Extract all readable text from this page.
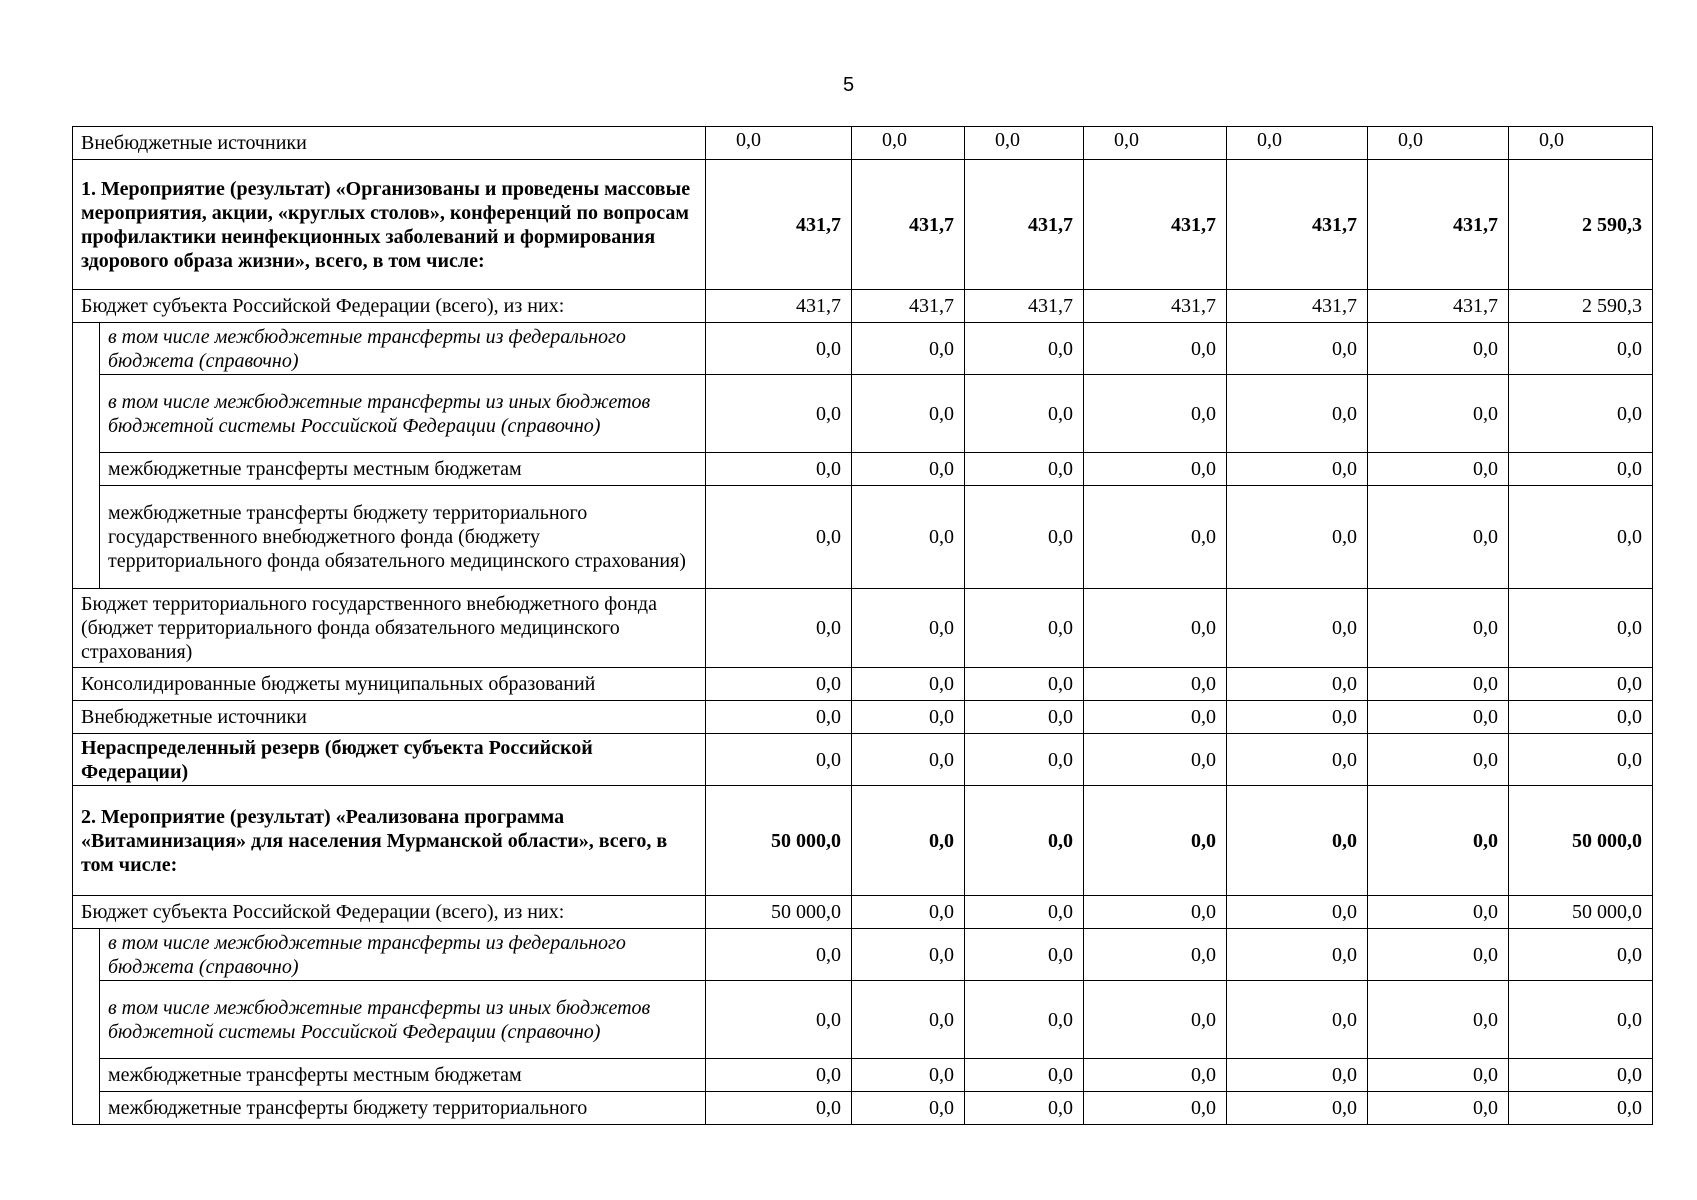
5
Внебюджетные источники		0,0	0,0	0,0	0,0	0,0	0,0	0,0
1. Мероприятие (результат) «Организованы и проведены массовые мероприятия, акции, «круглых столов», конференций по вопросам профилактики неинфекционных заболеваний и формирования здорового образа жизни», всего, в том числе:		431,7	431,7	431,7	431,7	431,7	431,7	2 590,3
Бюджет субъекта Российской Федерации (всего), из них:		431,7	431,7	431,7	431,7	431,7	431,7	2 590,3
	в том числе межбюджетные трансферты из федерального бюджета (справочно)	0,0	0,0	0,0	0,0	0,0	0,0	0,0
	в том числе межбюджетные трансферты из иных бюджетов бюджетной системы Российской Федерации (справочно)	0,0	0,0	0,0	0,0	0,0	0,0	0,0
	межбюджетные трансферты местным бюджетам	0,0	0,0	0,0	0,0	0,0	0,0	0,0
	межбюджетные трансферты бюджету территориального государственного внебюджетного фонда (бюджету территориального фонда обязательного медицинского страхования)	0,0	0,0	0,0	0,0	0,0	0,0	0,0
Бюджет территориального государственного внебюджетного фонда (бюджет территориального фонда обязательного медицинского страхования)		0,0	0,0	0,0	0,0	0,0	0,0	0,0
Консолидированные бюджеты муниципальных образований		0,0	0,0	0,0	0,0	0,0	0,0	0,0
Внебюджетные источники		0,0	0,0	0,0	0,0	0,0	0,0	0,0
Нераспределенный резерв (бюджет субъекта Российской Федерации)		0,0	0,0	0,0	0,0	0,0	0,0	0,0
2. Мероприятие (результат) «Реализована программа «Витаминизация» для населения Мурманской области», всего, в том числе:		50 000,0	0,0	0,0	0,0	0,0	0,0	50 000,0
Бюджет субъекта Российской Федерации (всего), из них:		50 000,0	0,0	0,0	0,0	0,0	0,0	50 000,0
	в том числе межбюджетные трансферты из федерального бюджета (справочно)	0,0	0,0	0,0	0,0	0,0	0,0	0,0
	в том числе межбюджетные трансферты из иных бюджетов бюджетной системы Российской Федерации (справочно)	0,0	0,0	0,0	0,0	0,0	0,0	0,0
	межбюджетные трансферты местным бюджетам	0,0	0,0	0,0	0,0	0,0	0,0	0,0
	межбюджетные трансферты бюджету территориального	0,0	0,0	0,0	0,0	0,0	0,0	0,0
